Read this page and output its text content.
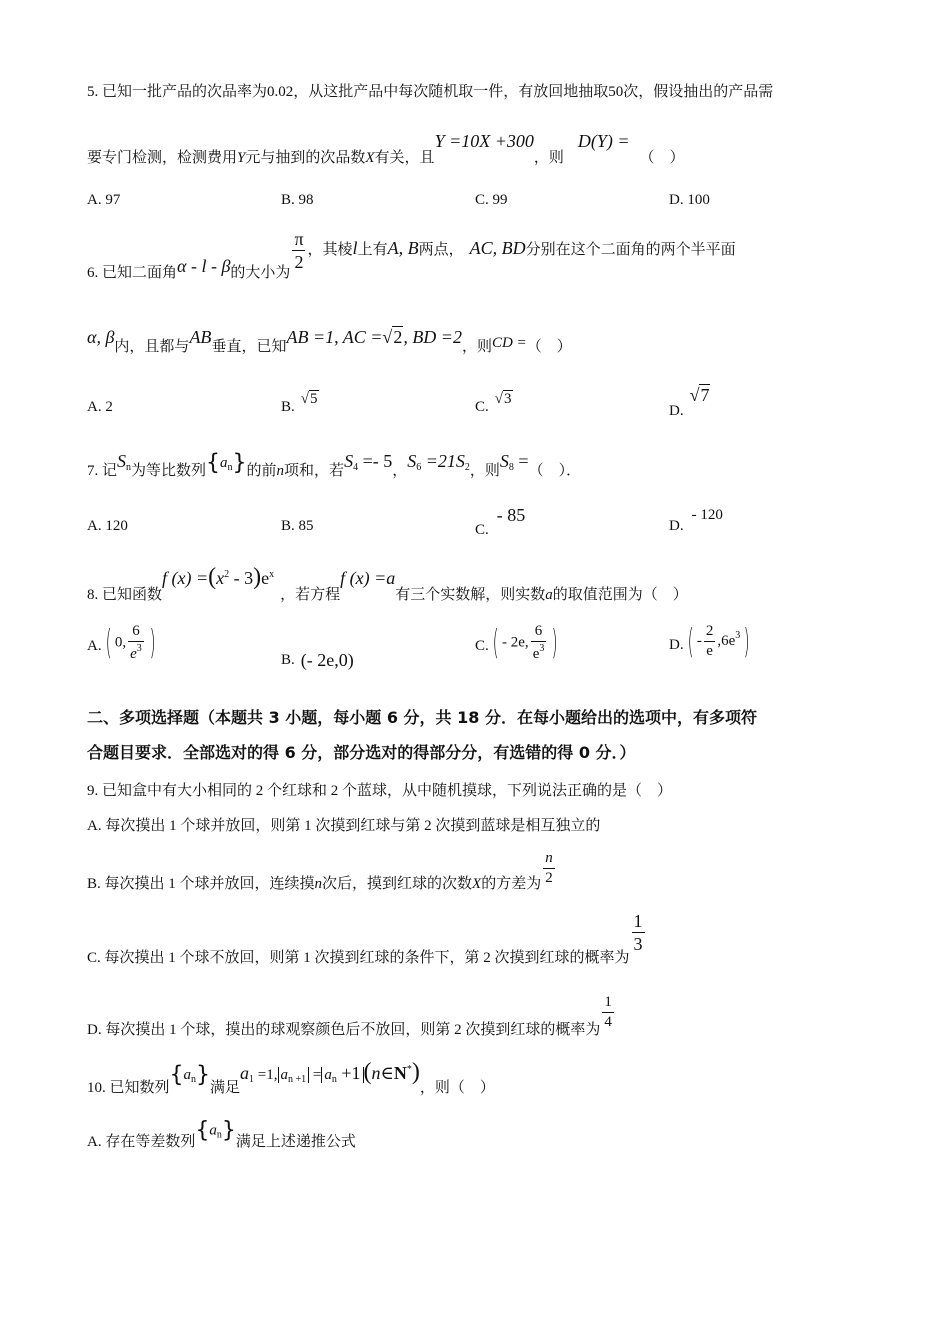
5. 已知一批产品的次品率为0.02，从这批产品中每次随机取一件，有放回地抽取50次，假设抽出的产品需
要专门检测，检测费用Y元与抽到的次品数X有关，且Y =10X +300，则D(Y) =（　）
A. 97	B. 98	C. 99	D. 100
6. 已知二面角α - l - β的大小为
$\frac{\pi}{2}$ ，其棱l上有A, B两点， AC, BD分别在这个二面角的两个半平面
α, β内，且都与AB垂直，已知AB =1, AC =√2, BD =2，则CD =（　）
A. 2	B. √5	C. √3
D.√7
7. 记$S_n$为等比数列$\{a_n\}$的前n项和，若$S_4 =- 5$，$S_6 =21S_2$，则$S_8$ =（　）．
A. 120	B. 85	C.- 85
D.- 120
8. 已知函数f $(x) =(x^2 - 3)e^x$，若方程f (x) =a有三个实数解，则实数a的取值范围为（　）
A. ( 0, $\frac{6}{e^3}$ )	B. (- 2e,0)
C. ( - 2e, $\frac{6}{e^3}$ )	D. ( - $\frac{2}{e} ,6e^3$ )
二、多项选择题（本题共 3 小题，每小题 6 分，共 18 分．在每小题给出的选项中，有多项符
合题目要求．全部选对的得 6 分，部分选对的得部分分，有选错的得 0 分．）
9. 已知盒中有大小相同的 2 个红球和 2 个蓝球，从中随机摸球，下列说法正确的是（　）
A. 每次摸出 1 个球并放回，则第 1 次摸到红球与第 2 次摸到蓝球是相互独立的
B. 每次摸出 1 个球并放回，连续摸n次后，摸到红球的次数X的方差为 $\frac{n}{2}$
C. 每次摸出 1 个球不放回，则第 1 次摸到红球的条件下，第 2 次摸到红球的概率为
$\frac{1}{3}$
D. 每次摸出 1 个球，摸出的球观察颜色后不放回，则第 2 次摸到红球的概率为 $\frac{1}{4}$
10. 已知数列$\{a_n\}$满足$a_1 =1$, $a_{n +1} = a_n +1$ (n∈N*)，则（　）
A. 存在等差数列$\{a_n\}$满足上述递推公式
